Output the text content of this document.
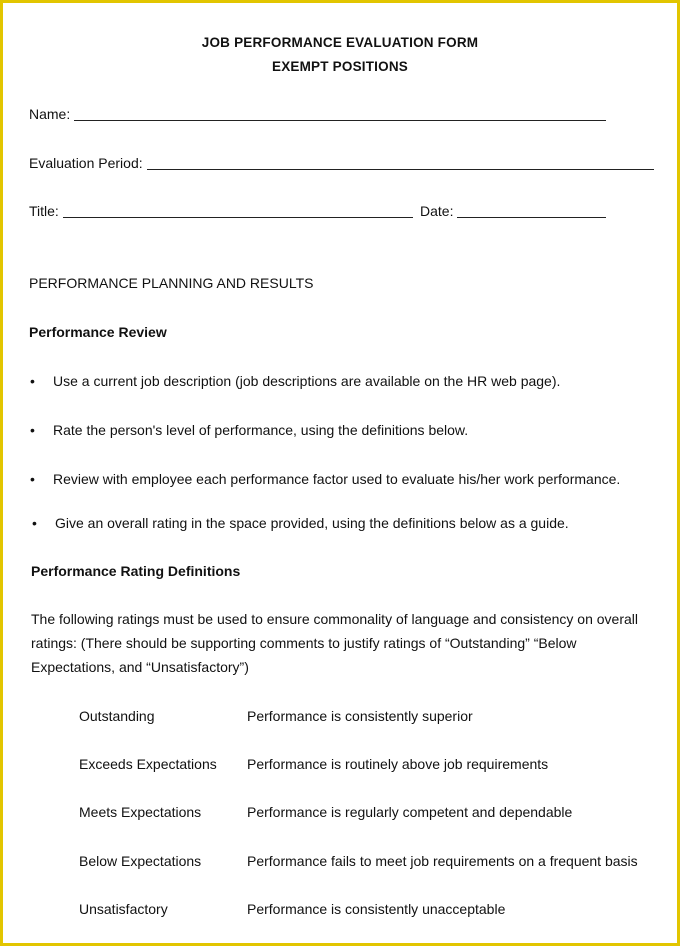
JOB PERFORMANCE EVALUATION FORM
EXEMPT POSITIONS
Name:
Evaluation Period:
Title:	Date:
PERFORMANCE PLANNING AND RESULTS
Performance Review
• Use a current job description (job descriptions are available on the HR web page).
• Rate the person's level of performance, using the definitions below.
• Review with employee each performance factor used to evaluate his/her work performance.
• Give an overall rating in the space provided, using the definitions below as a guide.
Performance Rating Definitions
The following ratings must be used to ensure commonality of language and consistency on overall ratings: (There should be supporting comments to justify ratings of “Outstanding” “Below Expectations, and “Unsatisfactory”)
Outstanding	Performance is consistently superior
Exceeds Expectations Performance is routinely above job requirements
Meets Expectations	Performance is regularly competent and dependable
Below Expectations	Performance fails to meet job requirements on a frequent basis
Unsatisfactory	Performance is consistently unacceptable
